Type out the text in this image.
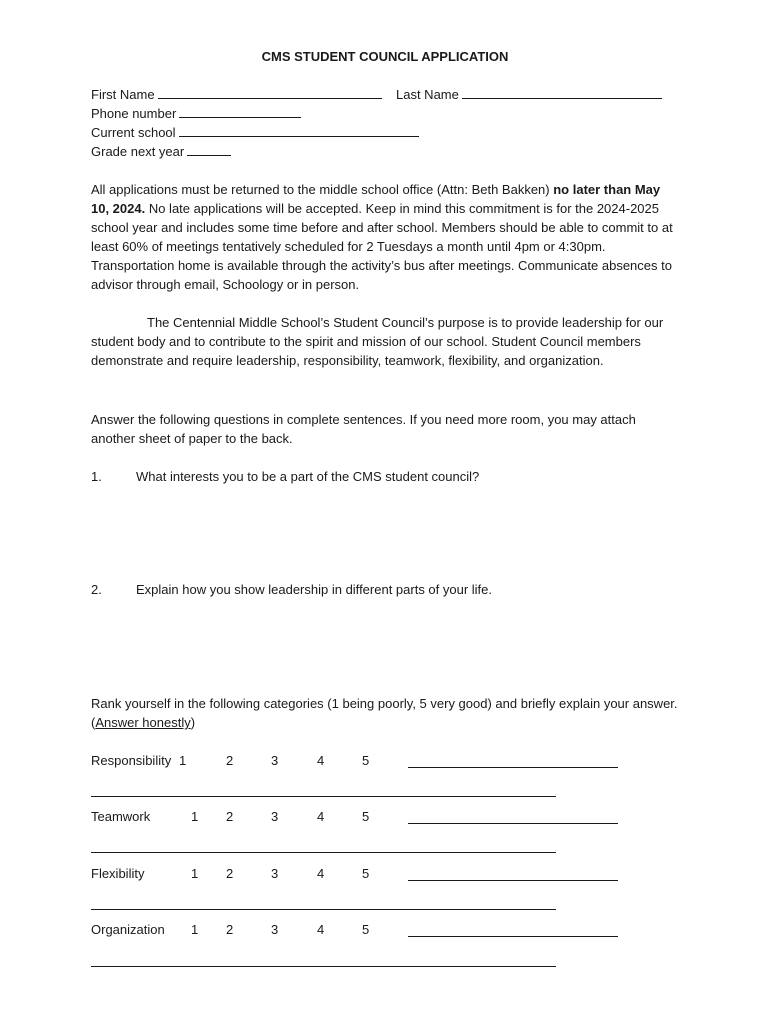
CMS STUDENT COUNCIL APPLICATION
First Name	Last Name
Phone number
Current school
Grade next year
All applications must be returned to the middle school office (Attn: Beth Bakken) no later than May 10, 2024. No late applications will be accepted. Keep in mind this commitment is for the 2024-2025 school year and includes some time before and after school. Members should be able to commit to at least 60% of meetings tentatively scheduled for 2 Tuesdays a month until 4pm or 4:30pm. Transportation home is available through the activity’s bus after meetings. Communicate absences to advisor through email, Schoology or in person.
The Centennial Middle School’s Student Council’s purpose is to provide leadership for our student body and to contribute to the spirit and mission of our school. Student Council members demonstrate and require leadership, responsibility, teamwork, flexibility, and organization.
Answer the following questions in complete sentences. If you need more room, you may attach another sheet of paper to the back.
1.	What interests you to be a part of the CMS student council?
2.	Explain how you show leadership in different parts of your life.
Rank yourself in the following categories (1 being poorly, 5 very good) and briefly explain your answer. (Answer honestly)
Responsibility 1	2	3	4	5
Teamwork	1 2	3	4	5
Flexibility	1 2	3	4	5
Organization 1 2	3	4	5
